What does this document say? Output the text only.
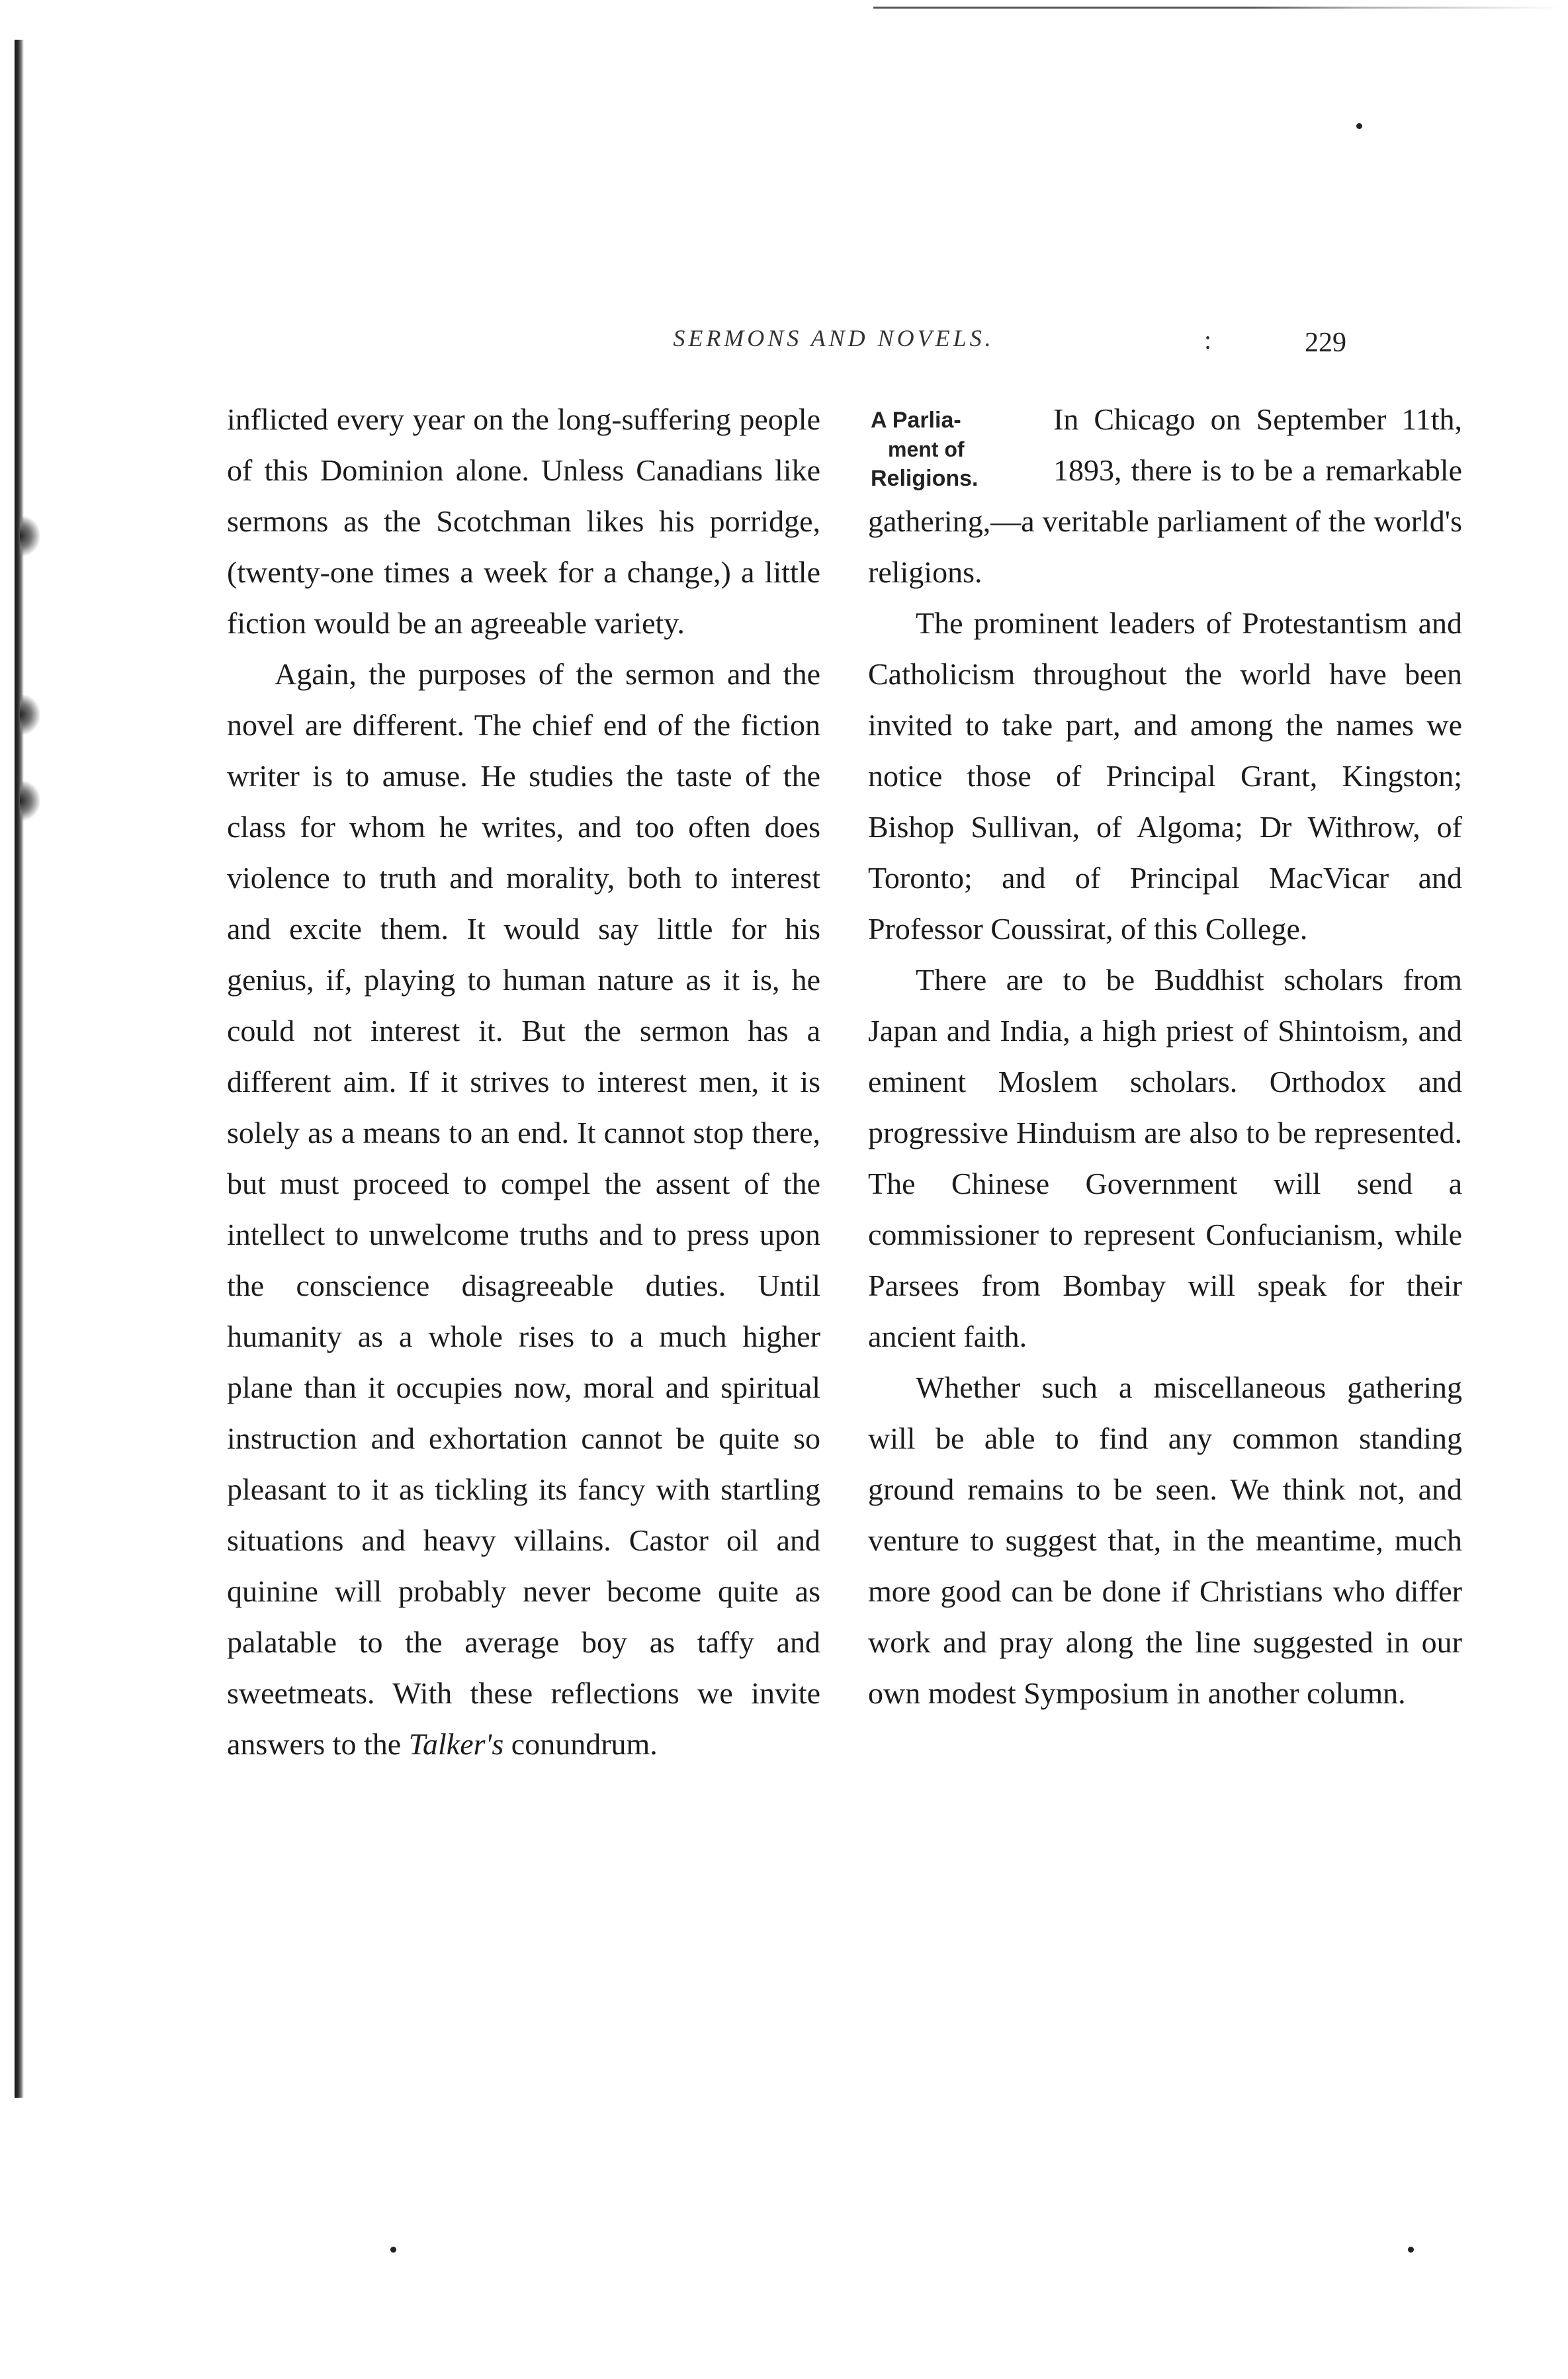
SERMONS AND NOVELS.	:	229

inflicted every year on the long-suffering people of this Dominion alone. Unless Canadians like sermons as the Scotchman likes his porridge, (twenty-one times a week for a change,) a little fiction would be an agreeable variety.

Again, the purposes of the sermon and the novel are different. The chief end of the fiction writer is to amuse. He studies the taste of the class for whom he writes, and too often does violence to truth and morality, both to interest and excite them. It would say little for his genius, if, playing to human nature as it is, he could not interest it. But the sermon has a different aim. If it strives to interest men, it is solely as a means to an end. It cannot stop there, but must proceed to compel the assent of the intellect to unwelcome truths and to press upon the conscience disagreeable duties. Until humanity as a whole rises to a much higher plane than it occupies now, moral and spiritual instruction and exhortation cannot be quite so pleasant to it as tickling its fancy with startling situations and heavy villains. Castor oil and quinine will probably never become quite as palatable to the average boy as taffy and sweetmeats. With these reflections we invite answers to the Talker's conundrum.

A Parlia-
ment of
Religions.

In Chicago on September 11th, 1893, there is to be a remarkable gathering,—a veritable parliament of the world's religions.

The prominent leaders of Protestantism and Catholicism throughout the world have been invited to take part, and among the names we notice those of Principal Grant, Kingston; Bishop Sullivan, of Algoma; Dr Withrow, of Toronto; and of Principal MacVicar and Professor Coussirat, of this College.

There are to be Buddhist scholars from Japan and India, a high priest of Shintoism, and eminent Moslem scholars. Orthodox and progressive Hinduism are also to be represented. The Chinese Government will send a commissioner to represent Confucianism, while Parsees from Bombay will speak for their ancient faith.

Whether such a miscellaneous gathering will be able to find any common standing ground remains to be seen. We think not, and venture to suggest that, in the meantime, much more good can be done if Christians who differ work and pray along the line suggested in our own modest Symposium in another column.
